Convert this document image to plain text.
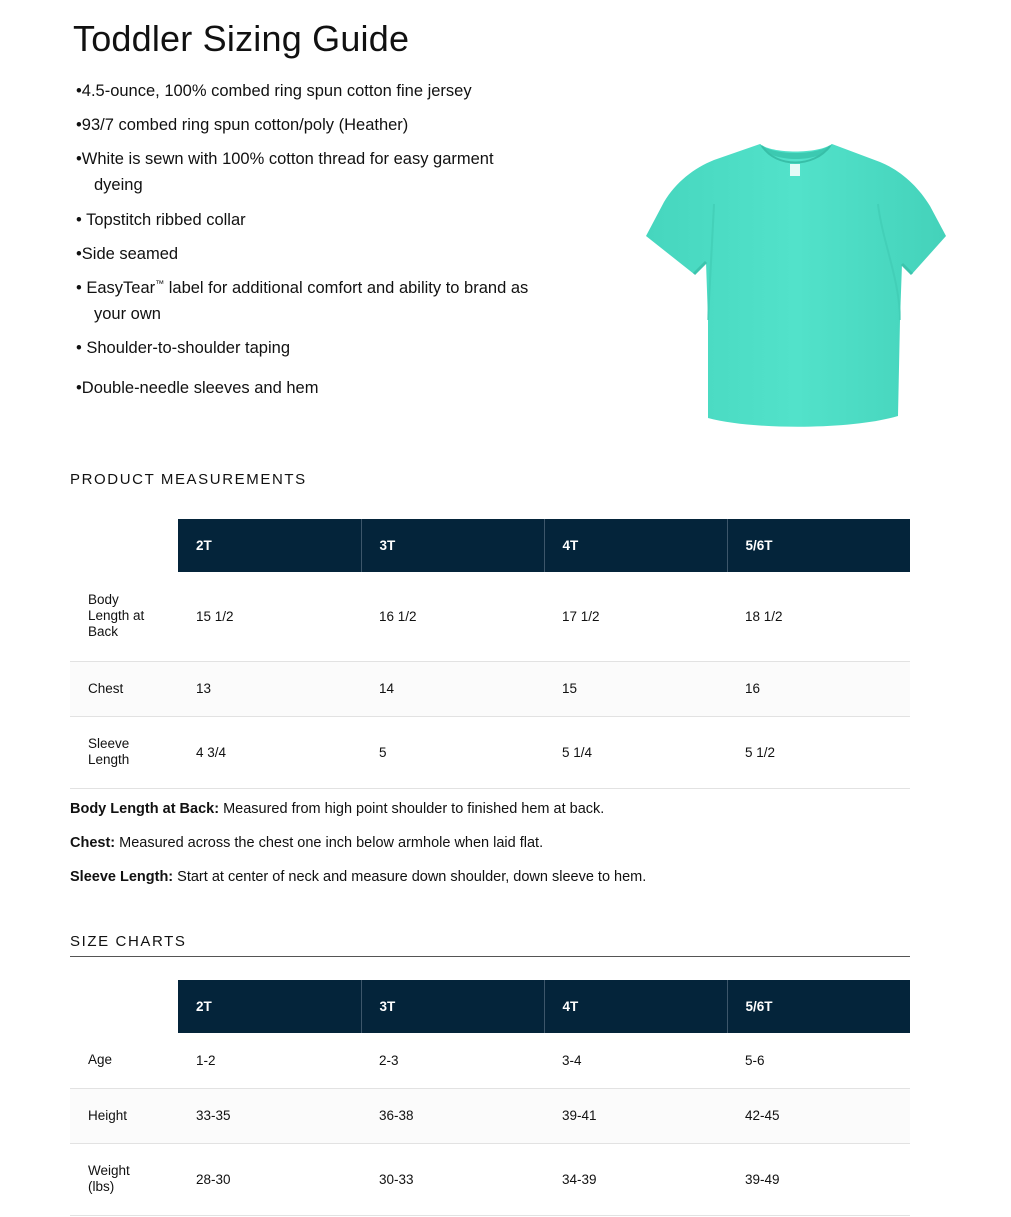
Toddler Sizing Guide
•4.5-ounce, 100% combed ring spun cotton fine jersey
•93/7 combed ring spun cotton/poly (Heather)
•White is sewn with 100% cotton thread for easy garment
dyeing
• Topstitch ribbed collar
•Side seamed
• EasyTear™ label for additional comfort and ability to brand as
your own
• Shoulder-to-shoulder taping
•Double-needle sleeves and hem
PRODUCT MEASUREMENTS
	2T	3T	4T	5/6T

Body Length at Back	15 1/2	16 1/2	17 1/2	18 1/2
Chest	13	14	15	16

Sleeve Length	4 3/4	5	5 1/4	5 1/2

Body Length at Back: Measured from high point shoulder to finished hem at back.

Chest: Measured across the chest one inch below armhole when laid flat.

Sleeve Length: Start at center of neck and measure down shoulder, down sleeve to hem.

SIZE CHARTS
	2T	3T	4T	5/6T
Age	1-2	2-3	3-4	5-6
Height	33-35	36-38	39-41	42-45

Weight (lbs)	28-30	30-33	34-39	39-49
